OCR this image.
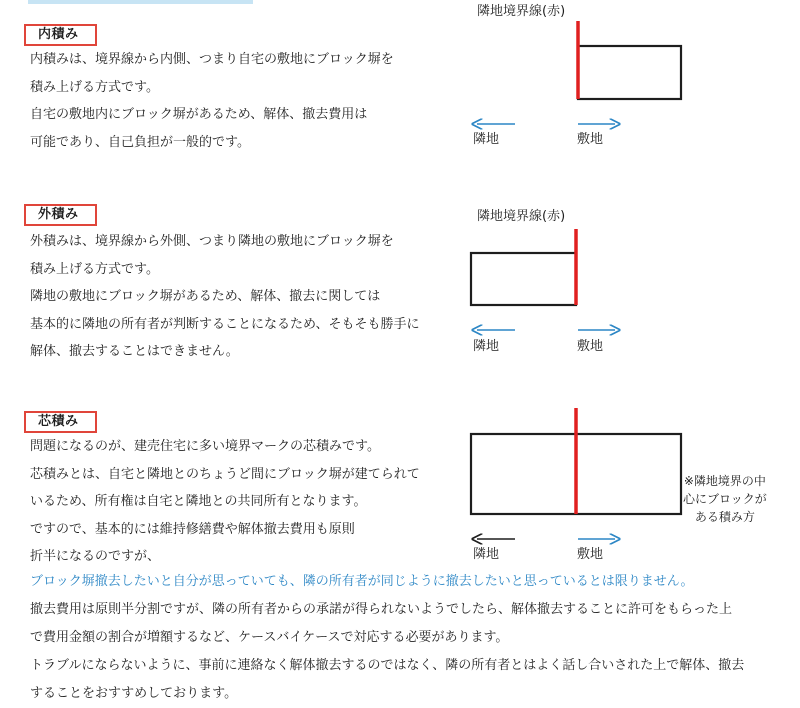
内積み

内積みは、境界線から内側、つまり自宅の敷地にブロック塀を
積み上げる方式です。
自宅の敷地内にブロック塀があるため、解体、撤去費用は
可能であり、自己負担が一般的です。

隣地境界線(赤)
隣地	敷地
外積み

外積みは、境界線から外側、つまり隣地の敷地にブロック塀を
積み上げる方式です。
隣地の敷地にブロック塀があるため、解体、撤去に関しては
基本的に隣地の所有者が判断することになるため、そもそも勝手に
解体、撤去することはできません。

隣地境界線(赤)
隣地	敷地
芯積み

問題になるのが、建売住宅に多い境界マークの芯積みです。
芯積みとは、自宅と隣地とのちょうど間にブロック塀が建てられて
いるため、所有権は自宅と隣地との共同所有となります。
ですので、基本的には維持修繕費や解体撤去費用も原則
折半になるのですが、	隣地	敷地
※隣地境界の中
心にブロックが
ある積み方

ブロック塀撤去したいと自分が思っていても、隣の所有者が同じように撤去したいと思っているとは限りません。
撤去費用は原則半分割ですが、隣の所有者からの承諾が得られないようでしたら、解体撤去することに許可をもらった上
で費用金額の割合が増額するなど、ケースバイケースで対応する必要があります。
トラブルにならないように、事前に連絡なく解体撤去するのではなく、隣の所有者とはよく話し合いされた上で解体、撤去
することをおすすめしております。
